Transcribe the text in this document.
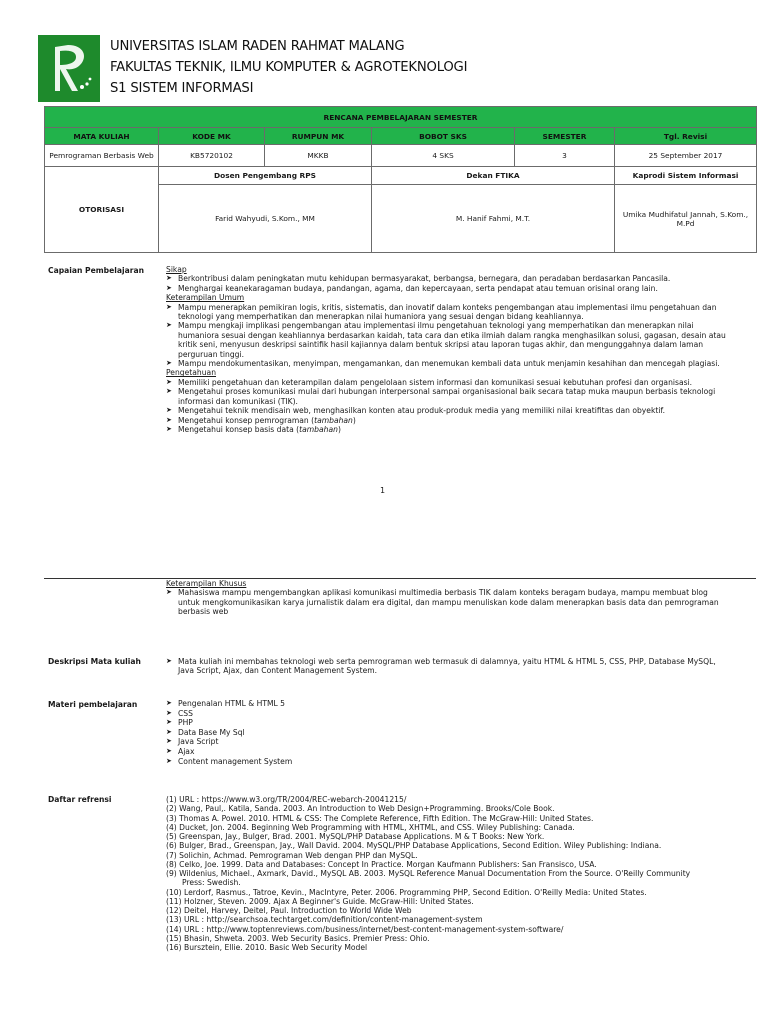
UNIVERSITAS ISLAM RADEN RAHMAT MALANG
FAKULTAS TEKNIK, ILMU KOMPUTER & AGROTEKNOLOGI
S1 SISTEM INFORMASI
RENCANA PEMBELAJARAN SEMESTER					
MATA KULIAH	KODE MK	RUMPUN MK	BOBOT SKS	SEMESTER	Tgl. Revisi
Pemrograman Berbasis Web	KB5720102	MKKB	4 SKS	3	25 September 2017
OTORISASI	Dosen Pengembang RPS		Dekan FTIKA		Kaprodi Sistem Informasi
	Farid Wahyudi, S.Kom., MM		M. Hanif Fahmi, M.T.		Umika Mudhifatul Jannah, S.Kom., M.Pd
Capaian Pembelajaran	Sikap
➤ Berkontribusi dalam peningkatan mutu kehidupan bermasyarakat, berbangsa, bernegara, dan peradaban berdasarkan Pancasila.
➤ Menghargai keanekaragaman budaya, pandangan, agama, dan kepercayaan, serta pendapat atau temuan orisinal orang lain.
Keterampilan Umum
➤ Mampu menerapkan pemikiran logis, kritis, sistematis, dan inovatif dalam konteks pengembangan atau implementasi ilmu pengetahuan dan teknologi yang memperhatikan dan menerapkan nilai humaniora yang sesuai dengan bidang keahliannya.
➤ Mampu mengkaji implikasi pengembangan atau implementasi ilmu pengetahuan teknologi yang memperhatikan dan menerapkan nilai humaniora sesuai dengan keahliannya berdasarkan kaidah, tata cara dan etika ilmiah dalam rangka menghasilkan solusi, gagasan, desain atau kritik seni, menyusun deskripsi saintifik hasil kajiannya dalam bentuk skripsi atau laporan tugas akhir, dan mengunggahnya dalam laman perguruan tinggi.
➤ Mampu mendokumentasikan, menyimpan, mengamankan, dan menemukan kembali data untuk menjamin kesahihan dan mencegah plagiasi.
Pengetahuan
➤ Memiliki pengetahuan dan keterampilan dalam pengelolaan sistem informasi dan komunikasi sesuai kebutuhan profesi dan organisasi.
➤ Mengetahui proses komunikasi mulai dari hubungan interpersonal sampai organisasional baik secara tatap muka maupun berbasis teknologi informasi dan komunikasi (TIK).
➤ Mengetahui teknik mendisain web, menghasilkan konten atau produk-produk media yang memiliki nilai kreatifitas dan obyektif.
➤ Mengetahui konsep pemrograman (tambahan)
➤ Mengetahui konsep basis data (tambahan)
1
Keterampilan Khusus
➤ Mahasiswa mampu mengembangkan aplikasi komunikasi multimedia berbasis TIK dalam konteks beragam budaya, mampu membuat blog untuk mengkomunikasikan karya jurnalistik dalam era digital, dan mampu menuliskan kode dalam menerapkan basis data dan pemrograman berbasis web
Deskripsi Mata kuliah	➤ Mata kuliah ini membahas teknologi web serta pemrograman web termasuk di dalamnya, yaitu HTML & HTML 5, CSS, PHP, Database MySQL, Java Script, Ajax, dan Content Management System.
Materi pembelajaran	➤ Pengenalan HTML & HTML 5
➤ CSS
➤ PHP
➤ Data Base My Sql
➤ Java Script
➤ Ajax
➤ Content management System
Daftar refrensi	(1) URL : https://www.w3.org/TR/2004/REC-webarch-20041215/
(2) Wang, Paul,. Katila, Sanda. 2003. An Introduction to Web Design+Programming. Brooks/Cole Book.
(3) Thomas A. Powel. 2010. HTML & CSS: The Complete Reference, Fifth Edition. The McGraw-Hill: United States.
(4) Ducket, Jon. 2004. Beginning Web Programming with HTML, XHTML, and CSS. Wiley Publishing: Canada.
(5) Greenspan, Jay., Bulger, Brad. 2001. MySQL/PHP Database Applications. M & T Books: New York.
(6) Bulger, Brad., Greenspan, Jay., Wall David. 2004. MySQL/PHP Database Applications, Second Edition. Wiley Publishing: Indiana.
(7) Solichin, Achmad. Pemrograman Web dengan PHP dan MySQL.
(8) Celko, Joe. 1999. Data and Databases: Concept In Practice. Morgan Kaufmann Publishers: San Fransisco, USA.
(9) Wildenius, Michael., Axmark, David., MySQL AB. 2003. MySQL Reference Manual Documentation From the Source. O'Reilly Community
Press: Swedish.
(10) Lerdorf, Rasmus., Tatroe, Kevin., MacIntyre, Peter. 2006. Programming PHP, Second Edition. O'Reilly Media: United States.
(11) Holzner, Steven. 2009. Ajax A Beginner's Guide. McGraw-Hill: United States.
(12) Deitel, Harvey, Deitel, Paul. Introduction to World Wide Web
(13) URL : http://searchsoa.techtarget.com/definition/content-management-system
(14) URL : http://www.toptenreviews.com/business/internet/best-content-management-system-software/
(15) Bhasin, Shweta. 2003. Web Security Basics. Premier Press: Ohio.
(16) Bursztein, Ellie. 2010. Basic Web Security Model
